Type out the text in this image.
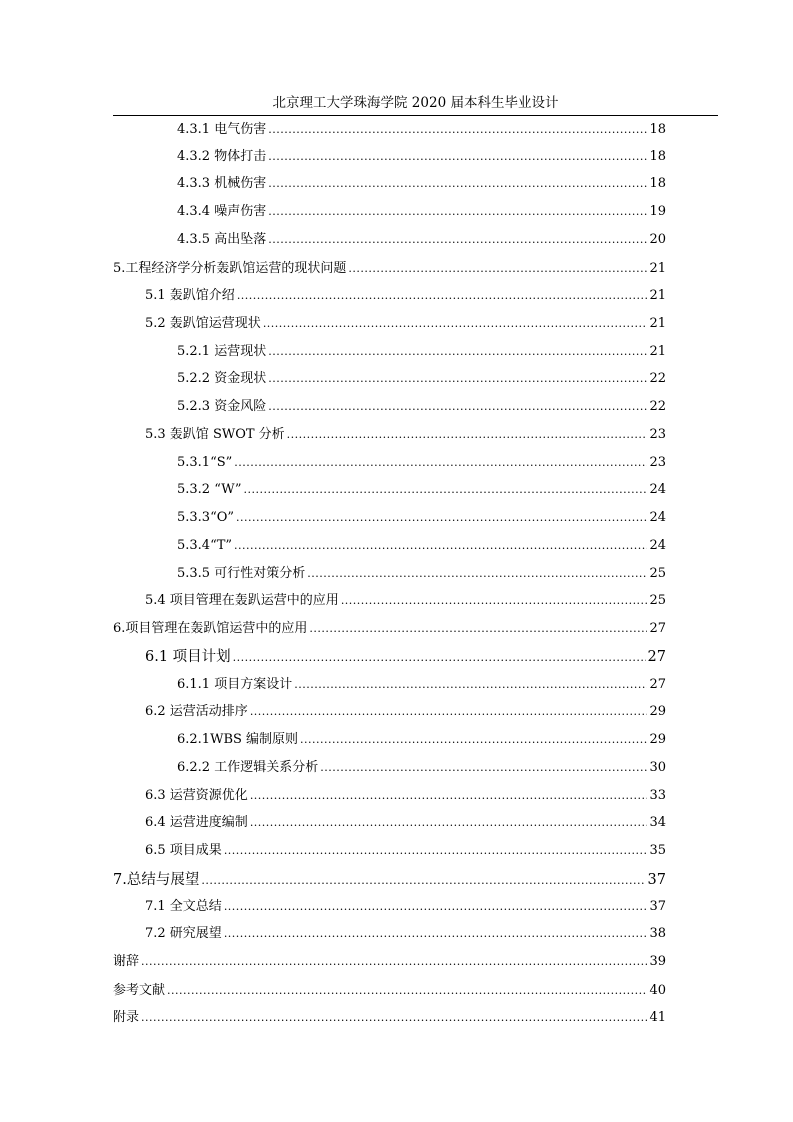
北京理工大学珠海学院 2020 届本科生毕业设计
4.3.1 电气伤害 .....	18
4.3.2 物体打击 .....	18
4.3.3 机械伤害 .....	18
4.3.4 噪声伤害 .....	19
4.3.5 高出坠落 .....	20
5.工程经济学分析轰趴馆运营的现状问题 .....	21
5.1 轰趴馆介绍 .....	21
5.2 轰趴馆运营现状 .....	21
5.2.1 运营现状 .....	21
5.2.2 资金现状 .....	22
5.2.3 资金风险 .....	22
5.3 轰趴馆 SWOT 分析 .....	23
5.3.1“S” .....	23
5.3.2 “W” .....	24
5.3.3“O” .....	24
5.3.4“T” .....	24
5.3.5 可行性对策分析 .....	25
5.4 项目管理在轰趴运营中的应用 .....	25
6.项目管理在轰趴馆运营中的应用 .....	27
6.1 项目计划 .....	27
6.1.1 项目方案设计 .....	27
6.2 运营活动排序 .....	29
6.2.1WBS 编制原则 .....	29
6.2.2 工作逻辑关系分析 .....	30
6.3 运营资源优化 .....	33
6.4 运营进度编制 .....	34
6.5 项目成果 .....	35
7.总结与展望 .....	37
7.1 全文总结 .....	37
7.2 研究展望 .....	38
谢辞 .....	39
参考文献 .....	40
附录 .....	41
